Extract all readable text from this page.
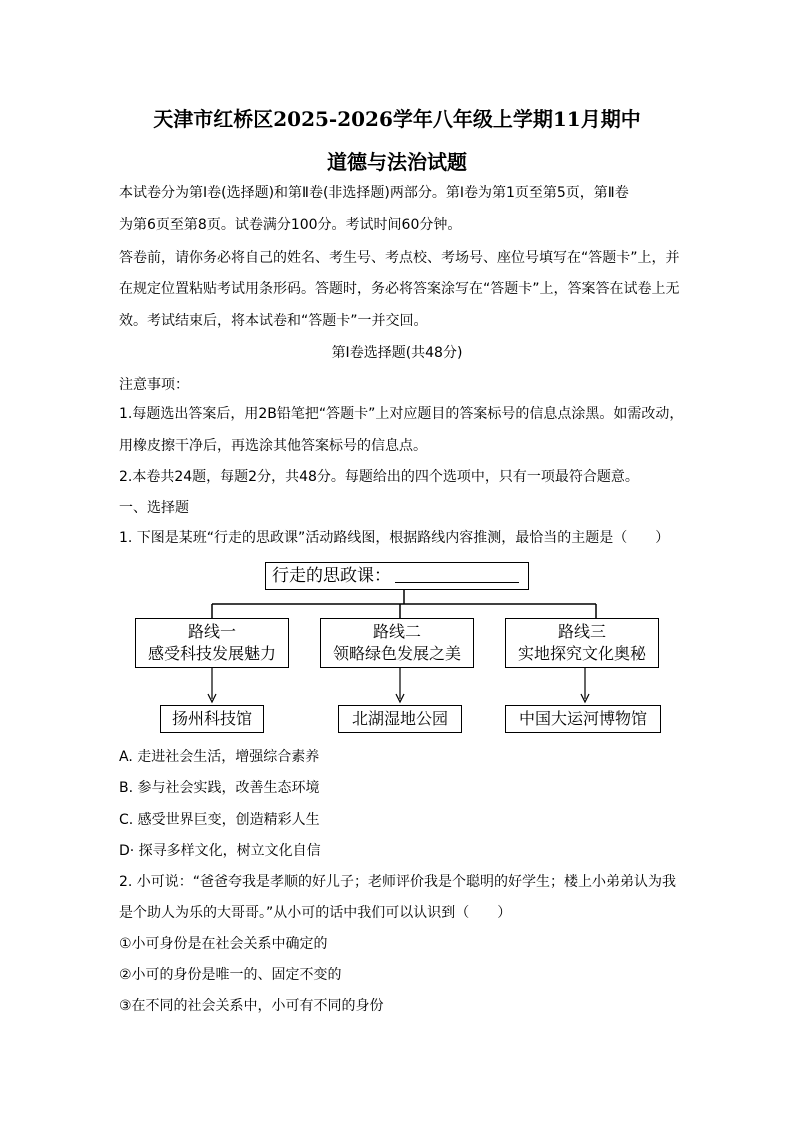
天津市红桥区2025-2026学年八年级上学期11月期中
道德与法治试题
本试卷分为第Ⅰ卷(选择题)和第Ⅱ卷(非选择题)两部分。第Ⅰ卷为第1页至第5页，第Ⅱ卷
为第6页至第8页。试卷满分100分。考试时间60分钟。
答卷前，请你务必将自己的姓名、考生号、考点校、考场号、座位号填写在“答题卡”上，并
在规定位置粘贴考试用条形码。答题时，务必将答案涂写在“答题卡”上，答案答在试卷上无
效。考试结束后，将本试卷和“答题卡”一并交回。
第Ⅰ卷选择题(共48分)
注意事项：
1.每题选出答案后，用2B铅笔把“答题卡”上对应题目的答案标号的信息点涂黑。如需改动，
用橡皮擦干净后，再选涂其他答案标号的信息点。
2.本卷共24题，每题2分，共48分。每题给出的四个选项中，只有一项最符合题意。
一、选择题
1. 下图是某班“行走的思政课”活动路线图，根据路线内容推测，最恰当的主题是（　　）
行走的思政课：
路线一
感受科技发展魅力
路线二
领略绿色发展之美
路线三
实地探究文化奥秘
扬州科技馆	北湖湿地公园	中国大运河博物馆
A. 走进社会生活，增强综合素养
B. 参与社会实践，改善生态环境
C. 感受世界巨变，创造精彩人生
D· 探寻多样文化，树立文化自信
2. 小可说：“爸爸夸我是孝顺的好儿子；老师评价我是个聪明的好学生；楼上小弟弟认为我
是个助人为乐的大哥哥。”从小可的话中我们可以认识到（　　）
①小可身份是在社会关系中确定的
②小可的身份是唯一的、固定不变的
③在不同的社会关系中，小可有不同的身份
